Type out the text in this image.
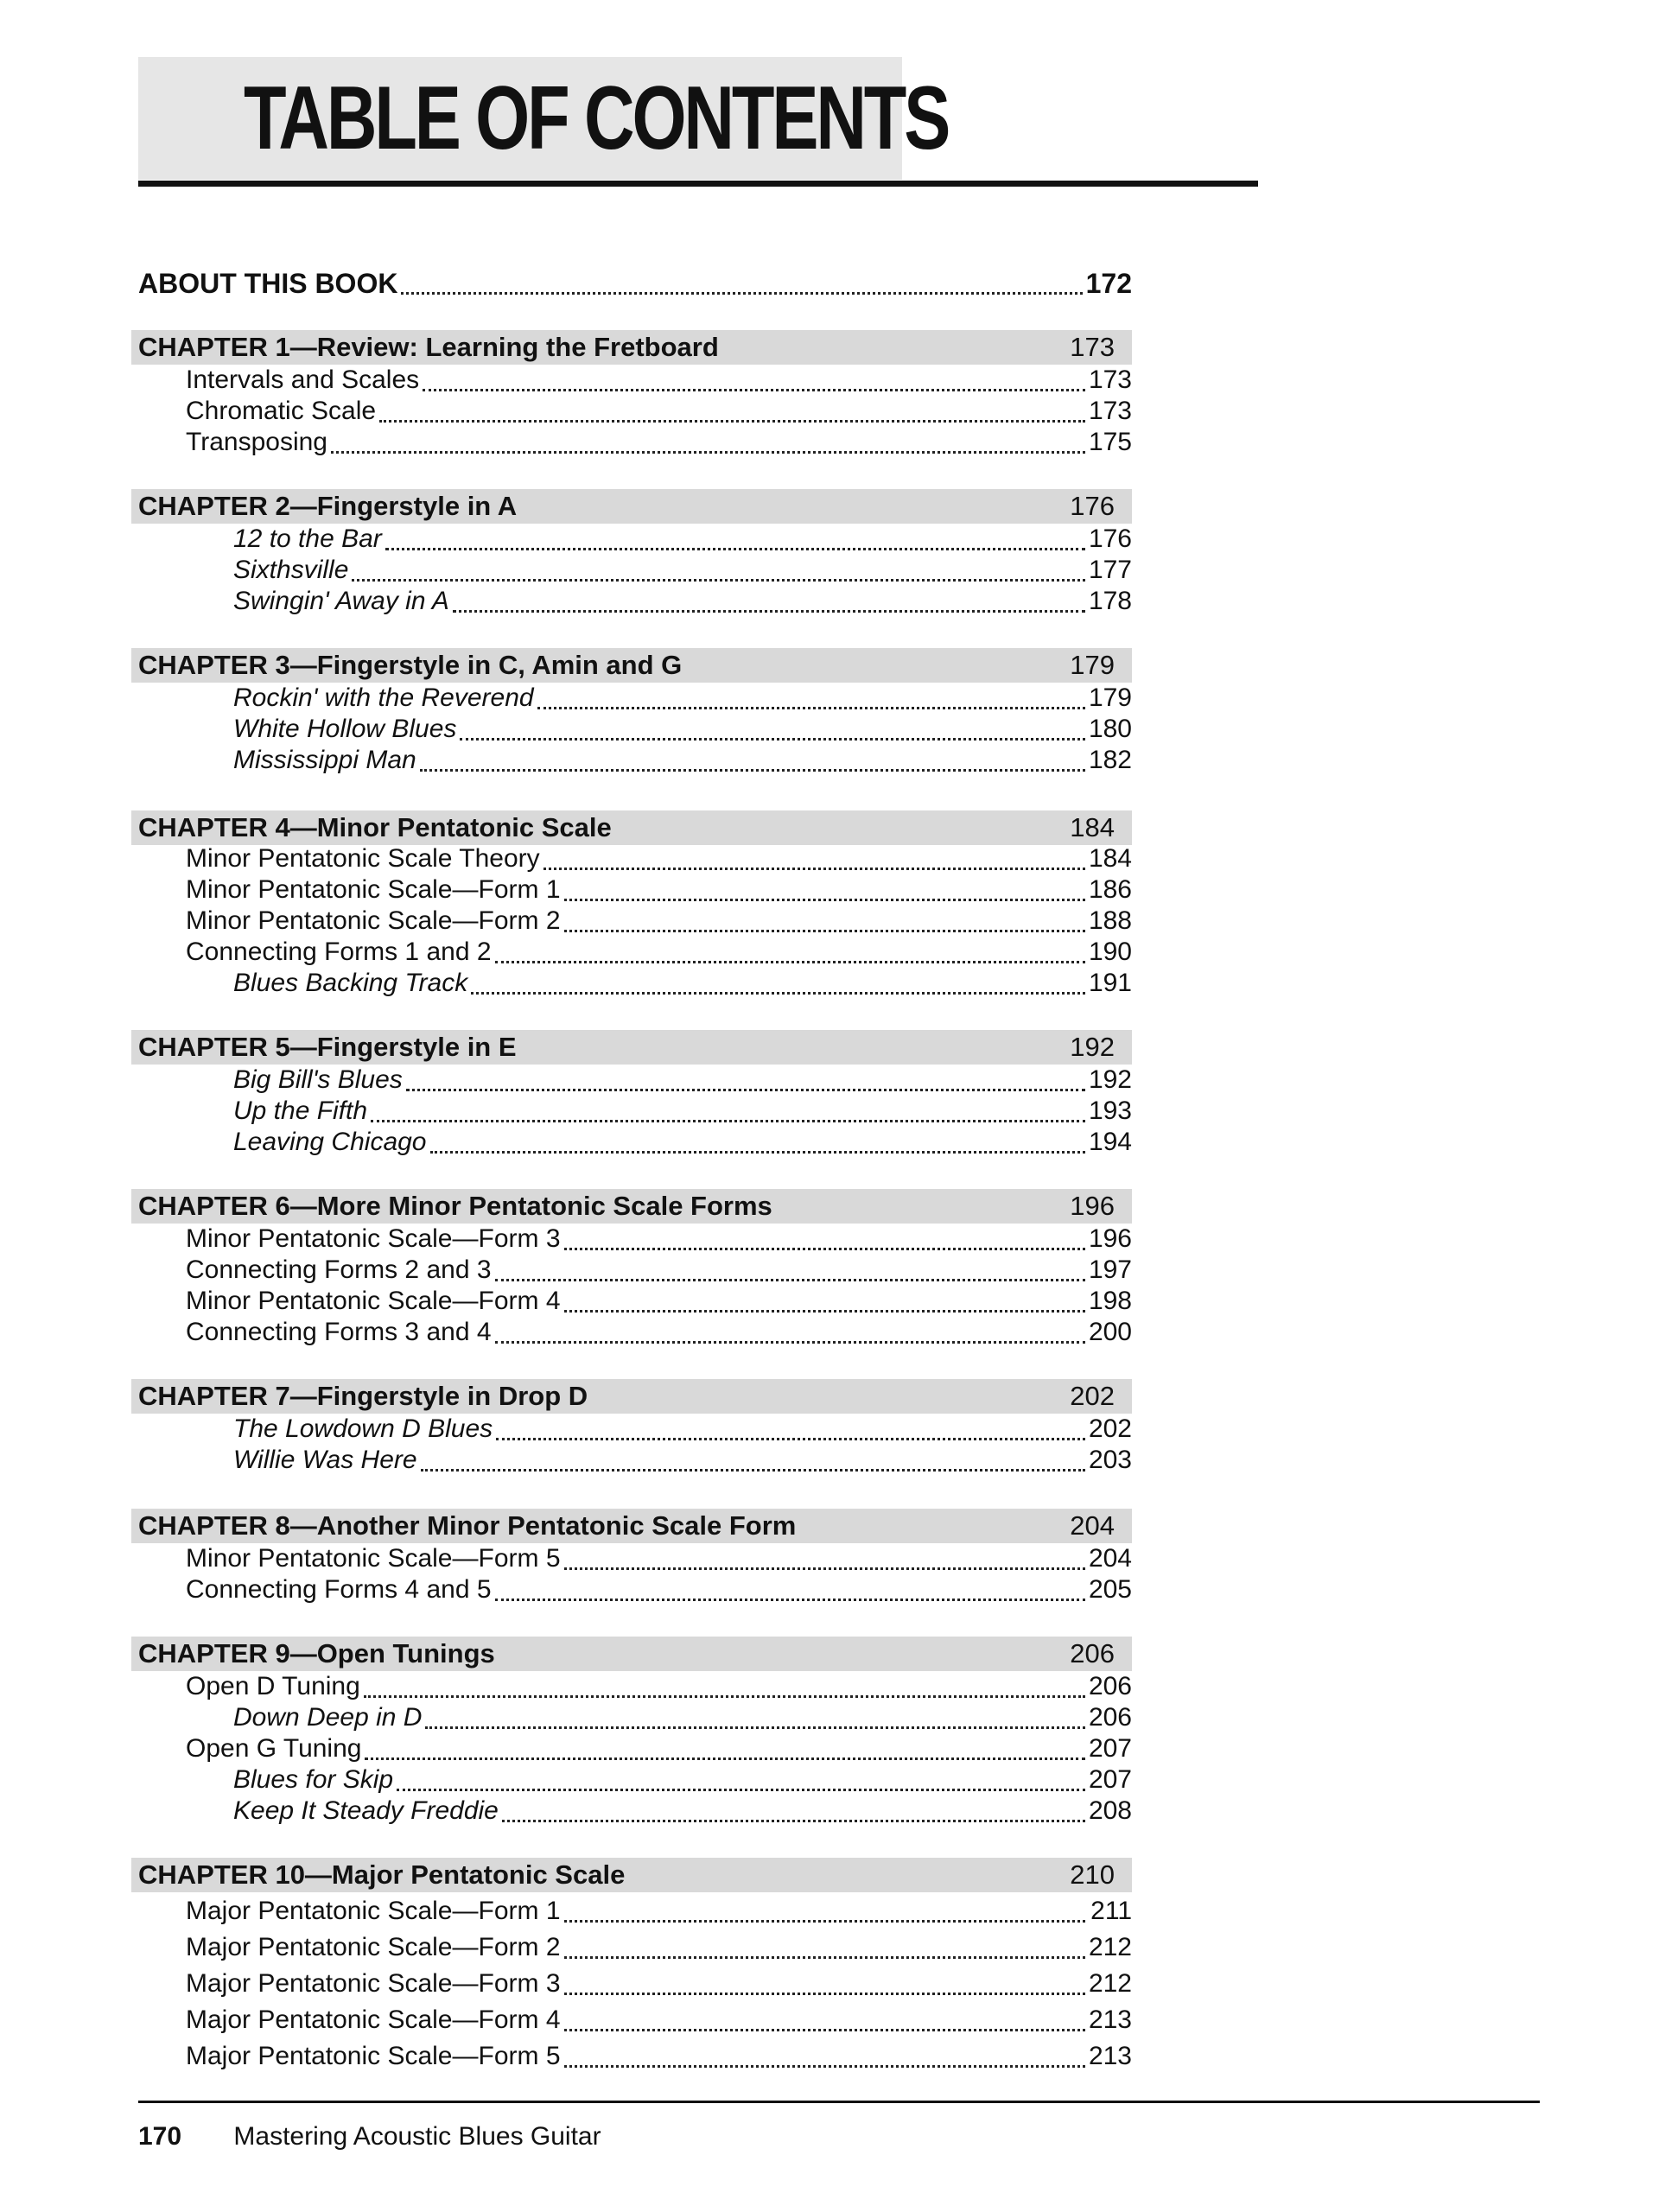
TABLE OF CONTENTS
ABOUT THIS BOOK	172
CHAPTER 1—Review: Learning the Fretboard	173
Intervals and Scales	173
Chromatic Scale	173
Transposing	175
CHAPTER 2—Fingerstyle in A	176
12 to the Bar	176
Sixthsville	177
Swingin' Away in A	178
CHAPTER 3—Fingerstyle in C, Amin and G	179
Rockin' with the Reverend	179
White Hollow Blues	180
Mississippi Man	182
CHAPTER 4—Minor Pentatonic Scale	184
Minor Pentatonic Scale Theory	184
Minor Pentatonic Scale—Form 1	186
Minor Pentatonic Scale—Form 2	188
Connecting Forms 1 and 2	190
Blues Backing Track	191
CHAPTER 5—Fingerstyle in E	192
Big Bill's Blues	192
Up the Fifth	193
Leaving Chicago	194
CHAPTER 6—More Minor Pentatonic Scale Forms	196
Minor Pentatonic Scale—Form 3	196
Connecting Forms 2 and 3	197
Minor Pentatonic Scale—Form 4	198
Connecting Forms 3 and 4	200
CHAPTER 7—Fingerstyle in Drop D	202
The Lowdown D Blues	202
Willie Was Here	203
CHAPTER 8—Another Minor Pentatonic Scale Form	204
Minor Pentatonic Scale—Form 5	204
Connecting Forms 4 and 5	205
CHAPTER 9—Open Tunings	206
Open D Tuning	206
Down Deep in D	206
Open G Tuning	207
Blues for Skip	207
Keep It Steady Freddie	208
CHAPTER 10—Major Pentatonic Scale	210
Major Pentatonic Scale—Form 1	211
Major Pentatonic Scale—Form 2	212
Major Pentatonic Scale—Form 3	212
Major Pentatonic Scale—Form 4	213
Major Pentatonic Scale—Form 5	213
170 Mastering Acoustic Blues Guitar
